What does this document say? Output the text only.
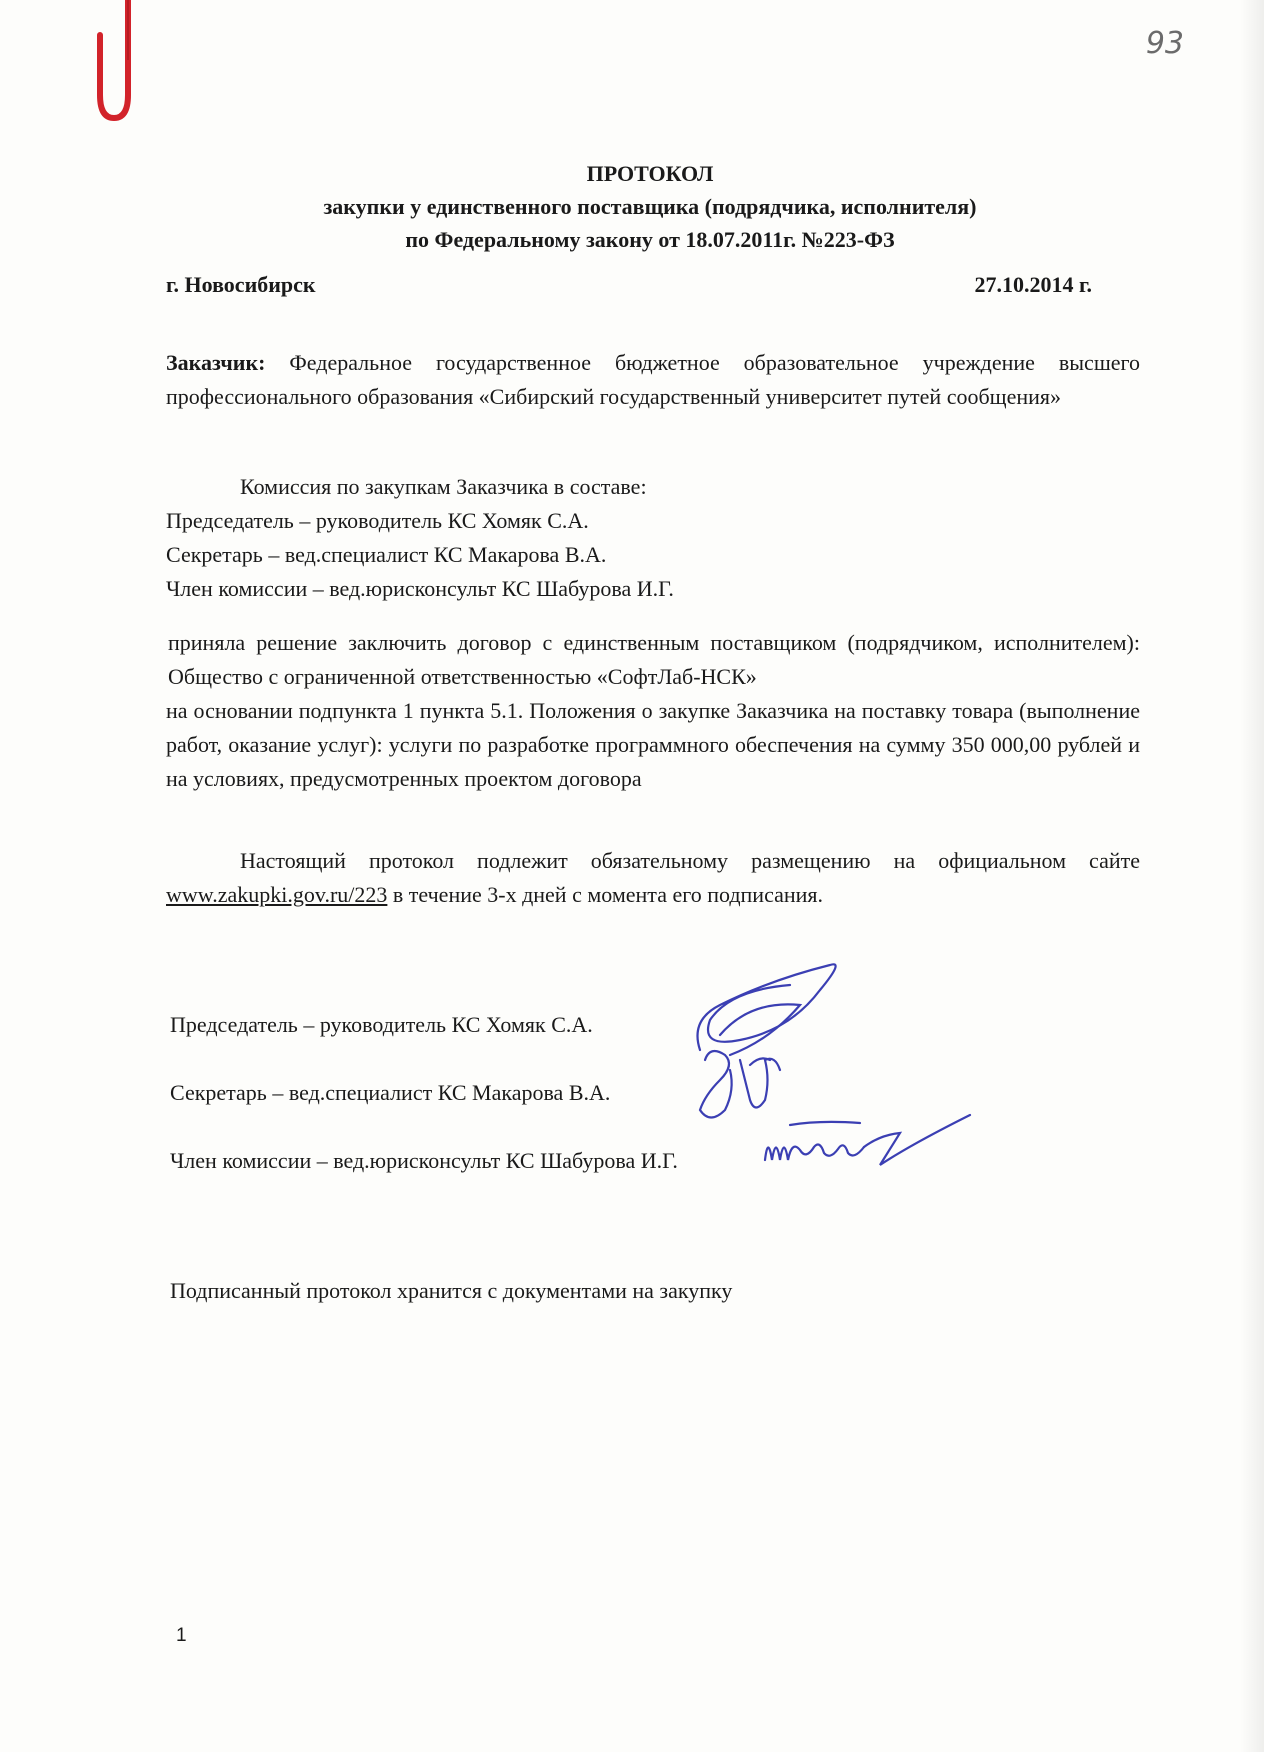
93
ПРОТОКОЛ
закупки у единственного поставщика (подрядчика, исполнителя)
по Федеральному закону от 18.07.2011г. №223-ФЗ
г. Новосибирск	27.10.2014 г.
Заказчик: Федеральное государственное бюджетное образовательное учреждение высшего профессионального образования «Сибирский государственный университет путей сообщения»
Комиссия по закупкам Заказчика в составе:
Председатель – руководитель КС Хомяк С.А.
Секретарь – вед.специалист КС Макарова В.А.
Член комиссии – вед.юрисконсульт КС Шабурова И.Г.
приняла решение заключить договор с единственным поставщиком (подрядчиком, исполнителем): Общество с ограниченной ответственностью «СофтЛаб-НСК»
на основании подпункта 1 пункта 5.1. Положения о закупке Заказчика на поставку товара (выполнение работ, оказание услуг): услуги по разработке программного обеспечения на сумму 350 000,00 рублей и на условиях, предусмотренных проектом договора
Настоящий протокол подлежит обязательному размещению на официальном сайте www.zakupki.gov.ru/223 в течение 3-х дней с момента его подписания.
Председатель – руководитель КС Хомяк С.А.
Секретарь – вед.специалист КС Макарова В.А.
Член комиссии – вед.юрисконсульт КС Шабурова И.Г.
Подписанный протокол хранится с документами на закупку
1
